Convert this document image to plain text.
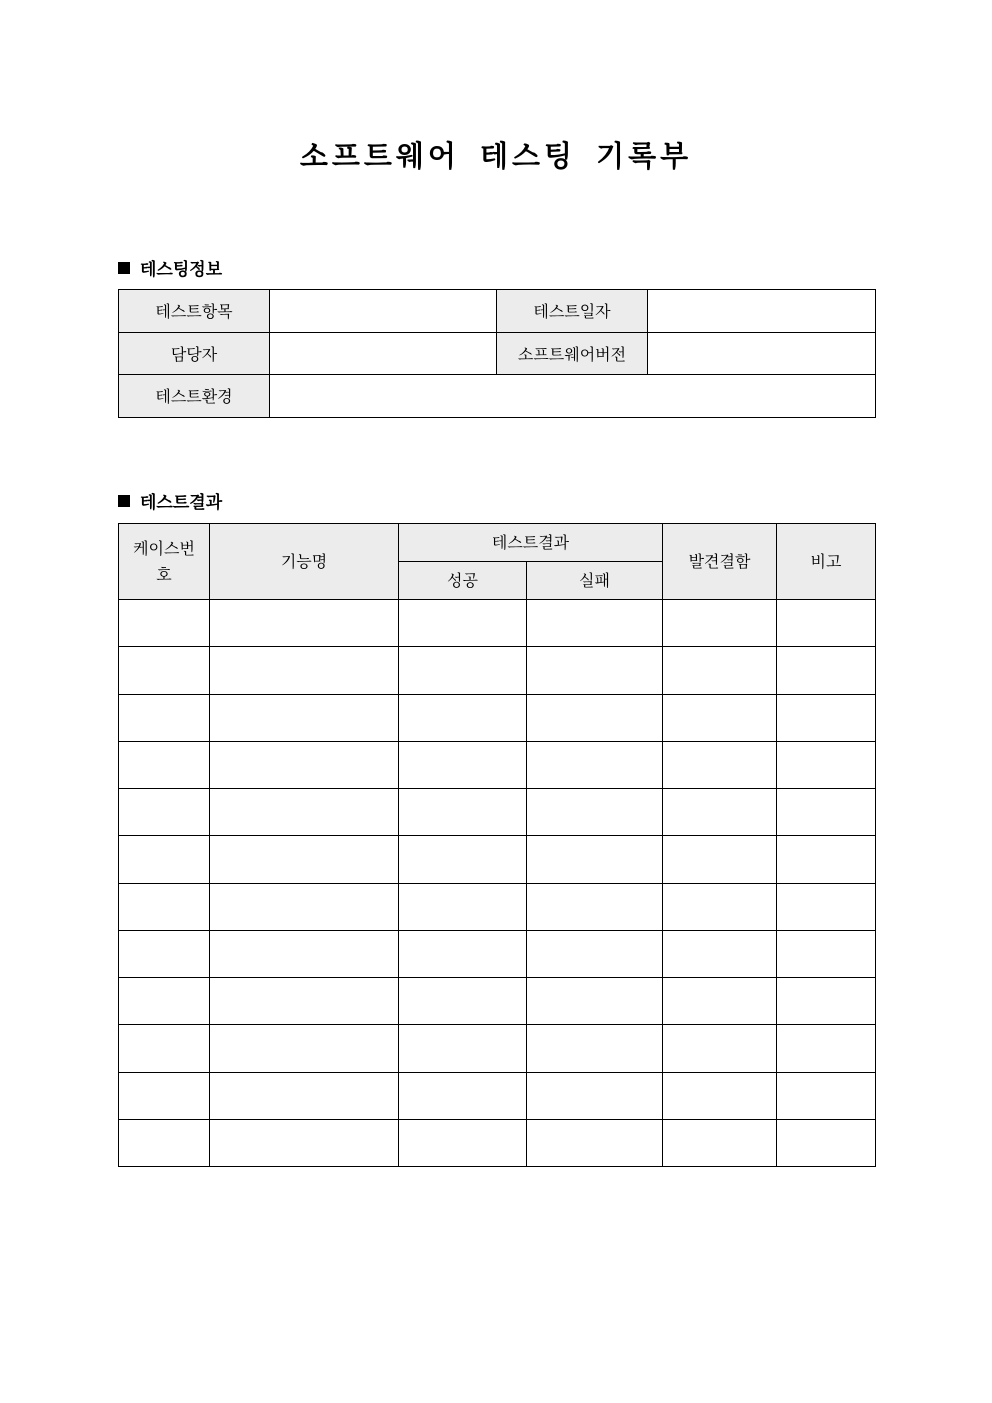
소프트웨어 테스팅 기록부
테스팅정보
테스트항목		테스트일자	
담당자		소프트웨어버전	
테스트환경			
테스트결과
케이스번호	기능명	테스트결과		발견결함	비고
		성공	실패		
